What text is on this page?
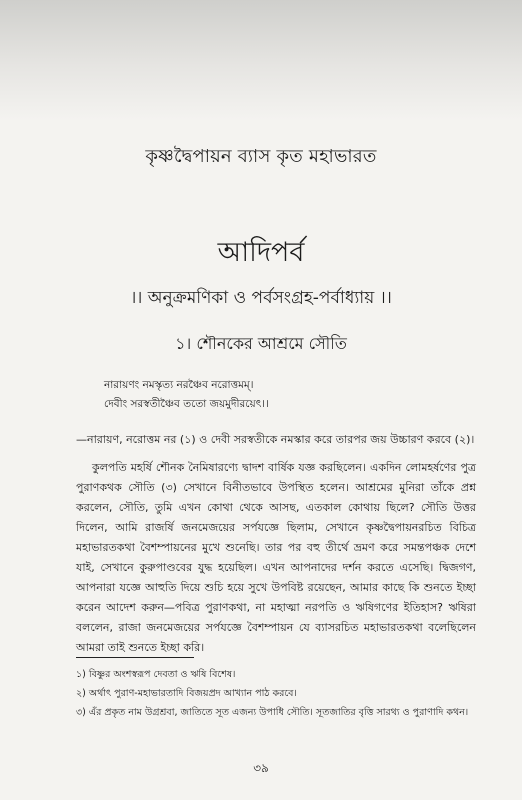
কৃষ্ণদ্বৈপায়ন ব্যাস কৃত মহাভারত
আদিপর্ব
।। অনুক্রমণিকা ও পর্বসংগ্রহ-পর্বাধ্যায় ।।
১। শৌনকের আশ্রমে সৌতি
নারায়ণং নমস্কৃত্য নরঞ্চৈব নরোত্তমম্।
দেবীং সরস্বতীঞ্চৈব ততো জয়মুদীরয়েৎ।।

—নারায়ণ, নরোত্তম নর (১) ও দেবী সরস্বতীকে নমস্কার করে তারপর জয় উচ্চারণ করবে (২)।

কুলপতি মহর্ষি শৌনক নৈমিষারণ্যে দ্বাদশ বার্ষিক যজ্ঞ করছিলেন। একদিন লোমহর্ষণের পুত্র পুরাণকথক সৌতি (৩) সেখানে বিনীতভাবে উপস্থিত হলেন। আশ্রমের মুনিরা তাঁকে প্রশ্ন করলেন, সৌতি, তুমি এখন কোথা থেকে আসছ, এতকাল কোথায় ছিলে? সৌতি উত্তর দিলেন, আমি রাজর্ষি জনমেজয়ের সর্পযজ্ঞে ছিলাম, সেখানে কৃষ্ণদ্বৈপায়নরচিত বিচিত্র মহাভারতকথা বৈশম্পায়নের মুখে শুনেছি। তার পর বহু তীর্থে ভ্রমণ করে সমন্তপঞ্চক দেশে যাই, সেখানে কুরুপাণ্ডবের যুদ্ধ হয়েছিল। এখন আপনাদের দর্শন করতে এসেছি। দ্বিজগণ, আপনারা যজ্ঞে আহুতি দিয়ে শুচি হয়ে সুখে উপবিষ্ট রয়েছেন, আমার কাছে কি শুনতে ইচ্ছা করেন আদেশ করুন—পবিত্র পুরাণকথা, না মহাত্মা নরপতি ও ঋষিগণের ইতিহাস? ঋষিরা বললেন, রাজা জনমেজয়ের সর্পযজ্ঞে বৈশম্পায়ন যে ব্যাসরচিত মহাভারতকথা বলেছিলেন আমরা তাই শুনতে ইচ্ছা করি।

১) বিষ্ণুর অংশস্বরূপ দেবতা ও ঋষি বিশেষ।
২) অর্থাৎ পুরাণ-মহাভারতাদি বিজয়প্রদ আখ্যান পাঠ করবে।
৩) এঁর প্রকৃত নাম উগ্রশ্রবা, জাতিতে সূত এজন্য উপাধি সৌতি। সূতজাতির বৃত্তি সারথ্য ও পুরাণাদি কথন।
৩৯
